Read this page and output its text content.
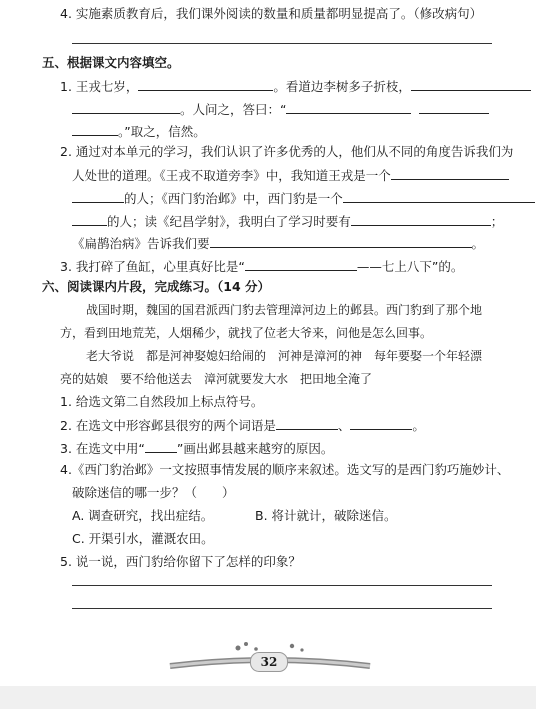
4. 实施素质教育后，我们课外阅读的数量和质量都明显提高了。（修改病句）
五、根据课文内容填空。
1. 王戎七岁，	。看道边李树多子折枝，
。人问之，答曰：“
。”取之，信然。
2. 通过对本单元的学习，我们认识了许多优秀的人，他们从不同的角度告诉我们为
人处世的道理。《王戎不取道旁李》中，我知道王戎是一个
的人；《西门豹治邺》中，西门豹是一个
的人；读《纪昌学射》，我明白了学习时要有	；
《扁鹊治病》告诉我们要	。
3. 我打碎了鱼缸，心里真好比是“	——七上八下”的。
六、阅读课内片段，完成练习。（14 分）
战国时期，魏国的国君派西门豹去管理漳河边上的邺县。西门豹到了那个地
方，看到田地荒芜，人烟稀少，就找了位老大爷来，问他是怎么回事。
老大爷说　都是河神娶媳妇给闹的　河神是漳河的神　每年要娶一个年轻漂
亮的姑娘　要不给他送去　漳河就要发大水　把田地全淹了
1. 给选文第二自然段加上标点符号。
2. 在选文中形容邺县很穷的两个词语是	、	。
3. 在选文中用“	”画出邺县越来越穷的原因。
4.《西门豹治邺》一文按照事情发展的顺序来叙述。选文写的是西门豹巧施妙计、
破除迷信的哪一步？（　　）
A. 调查研究，找出症结。	B. 将计就计，破除迷信。
C. 开渠引水，灌溉农田。
5. 说一说，西门豹给你留下了怎样的印象？
32
